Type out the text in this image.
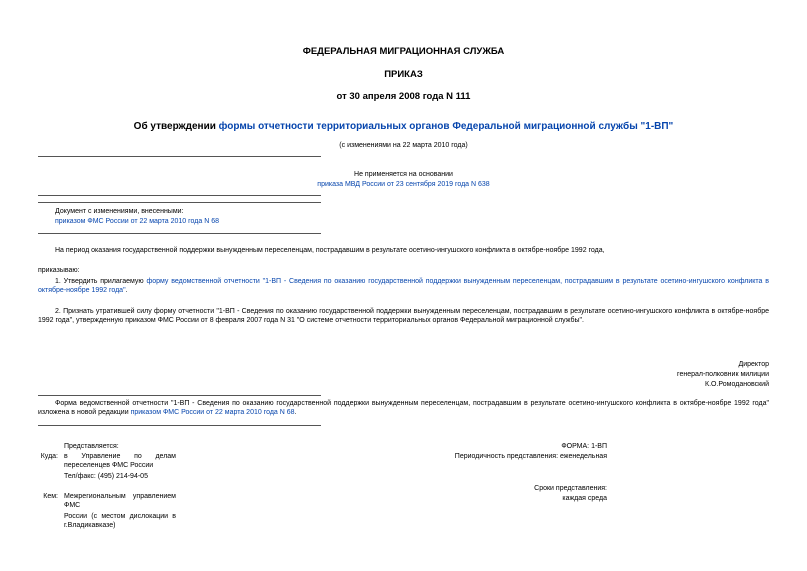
ФЕДЕРАЛЬНАЯ МИГРАЦИОННАЯ СЛУЖБА
ПРИКАЗ
от 30 апреля 2008 года N 111
Об утверждении формы отчетности территориальных органов Федеральной миграционной службы "1-ВП"
(с изменениями на 22 марта 2010 года)
Не применяется на основании
приказа МВД России от 23 сентября 2019 года N 638
Документ с изменениями, внесенными:
приказом ФМС России от 22 марта 2010 года N 68
На период оказания государственной поддержки вынужденным переселенцам, пострадавшим в результате осетино-ингушского конфликта в октябре-ноябре 1992 года,
приказываю:
1. Утвердить прилагаемую форму ведомственной отчетности "1-ВП - Сведения по оказанию государственной поддержки вынужденным переселенцам, пострадавшим в результате осетино-ингушского конфликта в октябре-ноябре 1992 года".
2. Признать утратившей силу форму отчетности "1-ВП - Сведения по оказанию государственной поддержки вынужденным переселенцам, пострадавшим в результате осетино-ингушского конфликта в октябре-ноябре 1992 года", утвержденную приказом ФМС России от 8 февраля 2007 года N 31 "О системе отчетности территориальных органов Федеральной миграционной службы".
Директор
генерал-полковник милиции
К.О.Ромодановский
Форма ведомственной отчетности "1-ВП - Сведения по оказанию государственной поддержки вынужденным переселенцам, пострадавшим в результате осетино-ингушского конфликта в октябре-ноябре 1992 года" изложена в новой редакции приказом ФМС России от 22 марта 2010 года N 68.
Представляется:
Куда: в Управление по делам переселенцев ФМС России
Тел/факс: (495) 214-94-05
Кем: Межрегиональным управлением ФМС
России (с местом дислокации в г.Владикавказе)
ФОРМА: 1-ВП
Периодичность представления: еженедельная
Сроки представления:
каждая среда
